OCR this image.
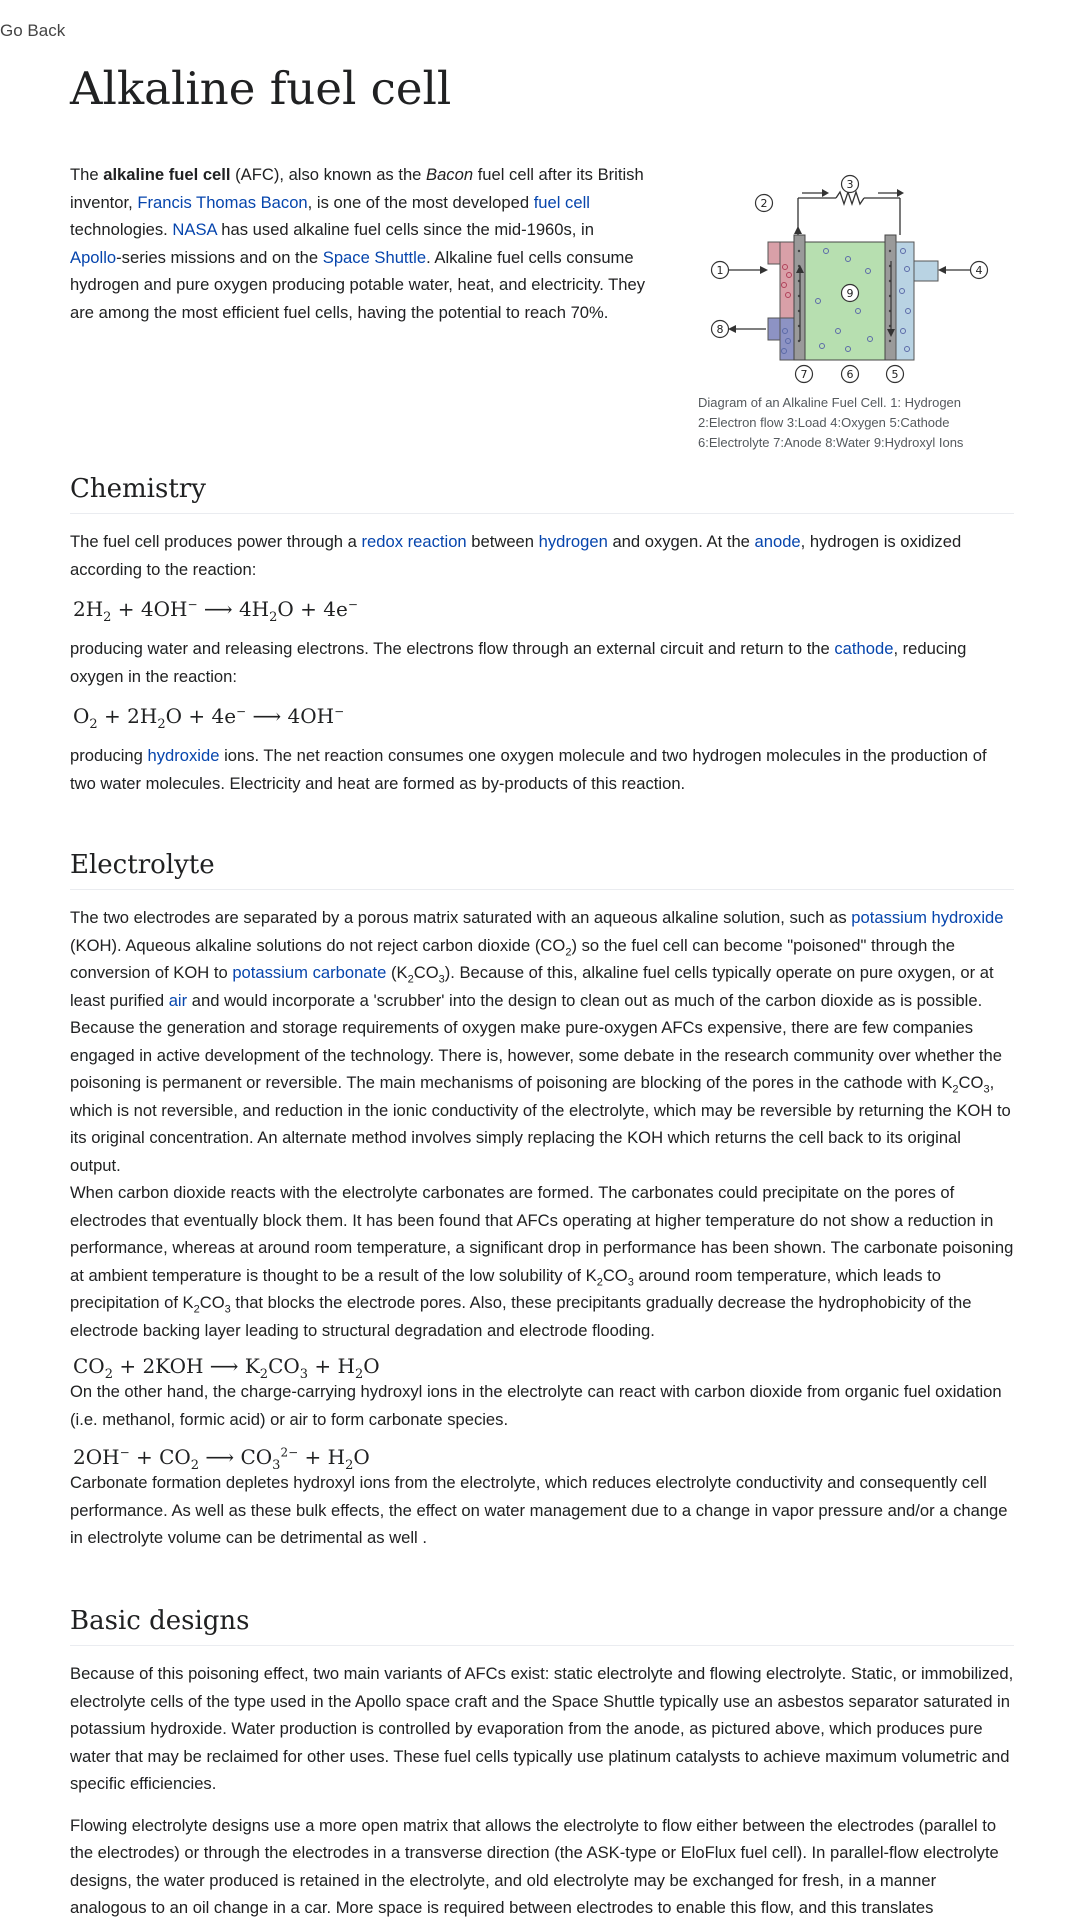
Go Back
Alkaline fuel cell

The alkaline fuel cell (AFC), also known as the Bacon fuel cell after its British inventor, Francis Thomas Bacon, is one of the most developed fuel cell technologies. NASA has used alkaline fuel cells since the mid-1960s, in Apollo-series missions and on the Space Shuttle. Alkaline fuel cells consume hydrogen and pure oxygen producing potable water, heat, and electricity. They are among the most efficient fuel cells, having the potential to reach 70%.

1
2
3
4
5
6
7
8
9
Diagram of an Alkaline Fuel Cell. 1: Hydrogen 2:Electron flow 3:Load 4:Oxygen 5:Cathode 6:Electrolyte 7:Anode 8:Water 9:Hydroxyl Ions
Chemistry

The fuel cell produces power through a redox reaction between hydrogen and oxygen. At the anode, hydrogen is oxidized according to the reaction:

$2H_2 + 4OH^-$ ⟶ $4H_2O + 4e^-$

producing water and releasing electrons. The electrons flow through an external circuit and return to the cathode, reducing oxygen in the reaction:

$O_2 + 2H_2O + 4e^-$ ⟶ 4OH−

producing hydroxide ions. The net reaction consumes one oxygen molecule and two hydrogen molecules in the production of two water molecules. Electricity and heat are formed as by-products of this reaction.

Electrolyte

The two electrodes are separated by a porous matrix saturated with an aqueous alkaline solution, such as potassium hydroxide (KOH). Aqueous alkaline solutions do not reject carbon dioxide $(CO_2)$ so the fuel cell can become "poisoned" through the conversion of KOH to potassium carbonate $(K_2CO_3)$. Because of this, alkaline fuel cells typically operate on pure oxygen, or at least purified air and would incorporate a 'scrubber' into the design to clean out as much of the carbon dioxide as is possible. Because the generation and storage requirements of oxygen make pure-oxygen AFCs expensive, there are few companies engaged in active development of the technology. There is, however, some debate in the research community over whether the poisoning is permanent or reversible. The main mechanisms of poisoning are blocking of the pores in the cathode with $K_2CO_3$, which is not reversible, and reduction in the ionic conductivity of the electrolyte, which may be reversible by returning the KOH to its original concentration. An alternate method involves simply replacing the KOH which returns the cell back to its original output.

When carbon dioxide reacts with the electrolyte carbonates are formed. The carbonates could precipitate on the pores of electrodes that eventually block them. It has been found that AFCs operating at higher temperature do not show a reduction in performance, whereas at around room temperature, a significant drop in performance has been shown. The carbonate poisoning at ambient temperature is thought to be a result of the low solubility of $K_2CO_3$ around room temperature, which leads to precipitation of $K_2CO_3$ that blocks the electrode pores. Also, these precipitants gradually decrease the hydrophobicity of the electrode backing layer leading to structural degradation and electrode flooding.

$CO_2 + 2KOH$ ⟶ $K_2CO_3 + H_2O$

On the other hand, the charge-carrying hydroxyl ions in the electrolyte can react with carbon dioxide from organic fuel oxidation (i.e. methanol, formic acid) or air to form carbonate species.

$2OH^- + CO_2$ ⟶ $CO_3^{2-} + H_2O$

Carbonate formation depletes hydroxyl ions from the electrolyte, which reduces electrolyte conductivity and consequently cell performance. As well as these bulk effects, the effect on water management due to a change in vapor pressure and/or a change in electrolyte volume can be detrimental as well .

Basic designs

Because of this poisoning effect, two main variants of AFCs exist: static electrolyte and flowing electrolyte. Static, or immobilized, electrolyte cells of the type used in the Apollo space craft and the Space Shuttle typically use an asbestos separator saturated in potassium hydroxide. Water production is controlled by evaporation from the anode, as pictured above, which produces pure water that may be reclaimed for other uses. These fuel cells typically use platinum catalysts to achieve maximum volumetric and specific efficiencies.

Flowing electrolyte designs use a more open matrix that allows the electrolyte to flow either between the electrodes (parallel to the electrodes) or through the electrodes in a transverse direction (the ASK-type or EloFlux fuel cell). In parallel-flow electrolyte designs, the water produced is retained in the electrolyte, and old electrolyte may be exchanged for fresh, in a manner analogous to an oil change in a car. More space is required between electrodes to enable this flow, and this translates
